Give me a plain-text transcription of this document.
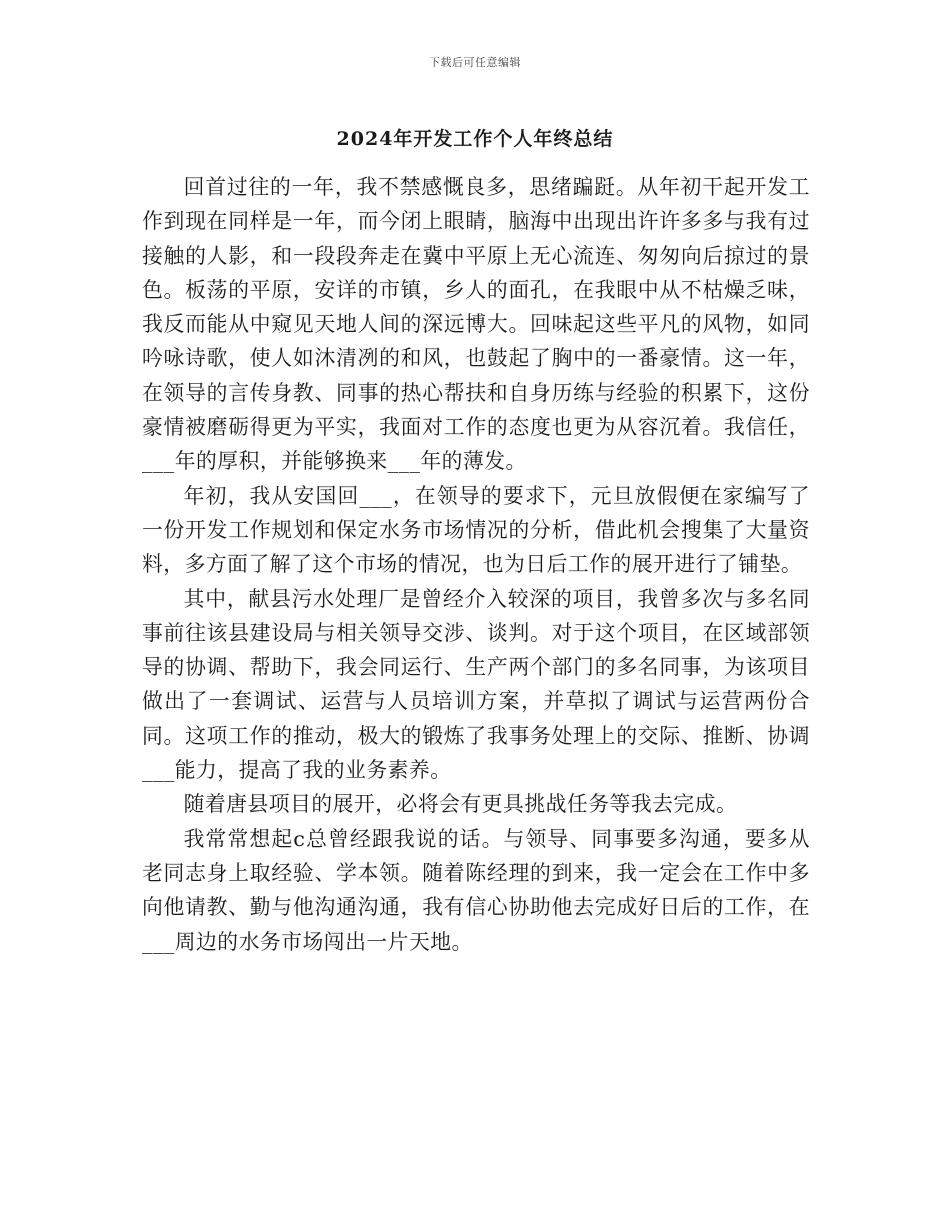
下载后可任意编辑
2024年开发工作个人年终总结

回首过往的一年，我不禁感慨良多，思绪蹁跹。从年初干起开发工作到现在同样是一年，而今闭上眼睛，脑海中出现出许许多多与我有过接触的人影，和一段段奔走在冀中平原上无心流连、匆匆向后掠过的景色。板荡的平原，安详的市镇，乡人的面孔，在我眼中从不枯燥乏味，我反而能从中窥见天地人间的深远博大。回味起这些平凡的风物，如同吟咏诗歌，使人如沐清冽的和风，也鼓起了胸中的一番豪情。这一年，在领导的言传身教、同事的热心帮扶和自身历练与经验的积累下，这份豪情被磨砺得更为平实，我面对工作的态度也更为从容沉着。我信任，___年的厚积，并能够换来___年的薄发。

年初，我从安国回___，在领导的要求下，元旦放假便在家编写了一份开发工作规划和保定水务市场情况的分析，借此机会搜集了大量资料，多方面了解了这个市场的情况，也为日后工作的展开进行了铺垫。

其中，献县污水处理厂是曾经介入较深的项目，我曾多次与多名同事前往该县建设局与相关领导交涉、谈判。对于这个项目，在区域部领导的协调、帮助下，我会同运行、生产两个部门的多名同事，为该项目做出了一套调试、运营与人员培训方案，并草拟了调试与运营两份合同。这项工作的推动，极大的锻炼了我事务处理上的交际、推断、协调___能力，提高了我的业务素养。

随着唐县项目的展开，必将会有更具挑战任务等我去完成。

我常常想起c总曾经跟我说的话。与领导、同事要多沟通，要多从老同志身上取经验、学本领。随着陈经理的到来，我一定会在工作中多向他请教、勤与他沟通沟通，我有信心协助他去完成好日后的工作，在___周边的水务市场闯出一片天地。
